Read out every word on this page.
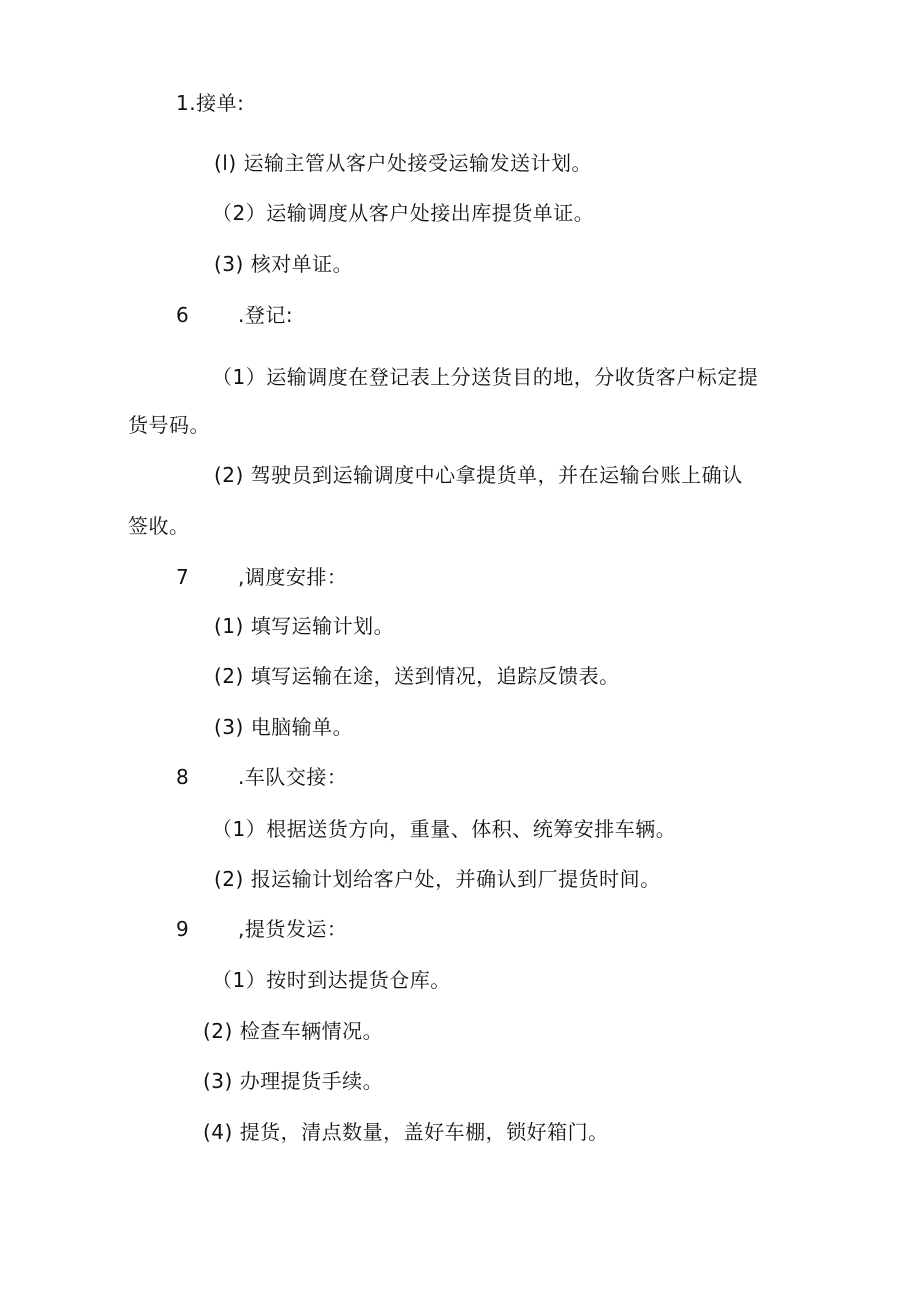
1.接单:
(l) 运输主管从客户处接受运输发送计划。
（2）运输调度从客户处接出库提货单证。
(3) 核对单证。
6 .登记:
（1）运输调度在登记表上分送货目的地，分收货客户标定提
货号码。
(2) 驾驶员到运输调度中心拿提货单，并在运输台账上确认
签收。
7 ,调度安排：
(1) 填写运输计划。
(2) 填写运输在途，送到情况，追踪反馈表。
(3) 电脑输单。
8 .车队交接：
（1）根据送货方向，重量、体积、统筹安排车辆。
(2) 报运输计划给客户处，并确认到厂提货时间。
9 ,提货发运：
（1）按时到达提货仓库。
(2) 检查车辆情况。
(3) 办理提货手续。
(4) 提货，清点数量，盖好车棚，锁好箱门。
